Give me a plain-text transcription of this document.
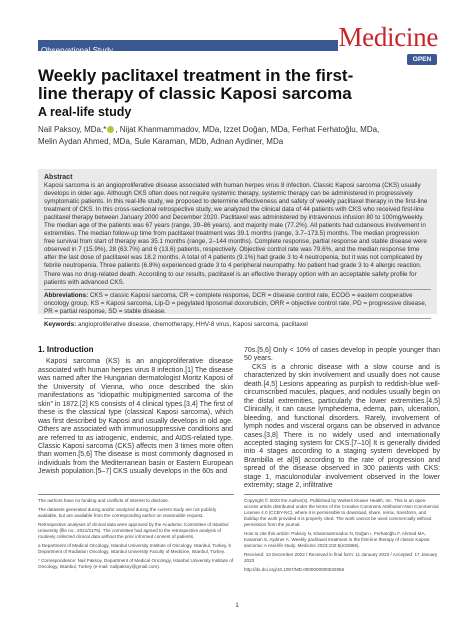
Observational Study	Medicine
OPEN
Weekly paclitaxel treatment in the first-line therapy of classic Kaposi sarcoma
A real-life study
Nail Paksoy, MDa,* , Nijat Khanmammadov, MDa, Izzet Doğan, MDa, Ferhat Ferhatoğlu, MDa,
Melin Aydan Ahmed, MDa, Sule Karaman, MDb, Adnan Aydiner, MDa
Abstract

Kaposi sarcoma is an angioproliferative disease associated with human herpes virus 8 infection. Classic Kaposi sarcoma (CKS) usually develops in older age. Although CKS often does not require systemic therapy, systemic therapy can be administered in progressively symptomatic patients. In this real-life study, we proposed to determine effectiveness and safety of weekly paclitaxel therapy in the first-line treatment of CKS. In this cross-sectional retrospective study, we analyzed the clinical data of 44 patients with CKS who received first-line paclitaxel therapy between January 2000 and December 2020. Paclitaxel was administered by intravenous infusion 80 to 100mg/weekly. The median age of the patients was 67 years (range, 39–86 years), and majority male (77.2%). All patients had cutaneous involvement in extremities. The median follow-up time from paclitaxel treatment was 39.1 months (range, 3.7–173.5) months. The median progression free survival from start of therapy was 35.1 months (range, 2–144 months). Complete response, partial response and stable disease were observed in 7 (15.9%), 28 (63.7%) and 6 (13.6) patients, respectively. Objective control rate was 79.6%, and the median response time after the last dose of paclitaxel was 18.2 months. A total of 4 patients (9.1%) had grade 3 to 4 neutropenia, but it was not complicated by febrile neutropenia. Three patients (6.8%) experienced grade 3 to 4 peripheral neuropathy. No patient had grade 3 to 4 allergic reaction. There was no drug-related death. According to our results, paclitaxel is an effective therapy option with an acceptable safety profile for patients with advanced CKS.

Abbreviations: CKS = classic Kaposi sarcoma, CR = complete response, DCR = disease control rate, ECOG = eastern cooperative oncology group, KS = Kaposi sarcoma, Lip-D = pegylated liposomal doxorubicin, ORR = objective control rate, PD = progressive disease, PR = partial response, SD = stable disease.
Keywords: angioproliferative disease, chemotherapy, HHV-8 virus, Kaposi sarcoma, paclitaxel
1. Introduction

Kaposi sarcoma (KS) is an angioproliferative disease associated with human herpes virus 8 infection.[1] The disease was named after the Hungarian dermatologist Moritz Kaposi of the University of Vienna, who once described the skin manifestations as “idiopathic multipigmented sarcoma of the skin” in 1872.[2] KS consists of 4 clinical types.[3,4] The first of these is the classical type (classical Kaposi sarcoma), which was first described by Kaposi and usually develops in old age. Others are associated with immunosuppressive conditions and are referred to as iatrogenic, endemic, and AIDS-related type. Classic Kaposi sarcoma (CKS) affects men 3 times more often than women.[5,6] The disease is most commonly diagnosed in individuals from the Mediterranean basin or Eastern European Jewish population.[5–7] CKS usually develops in the 60s and

70s.[5,6] Only < 10% of cases develop in people younger than 50 years.

CKS is a chronic disease with a slow course and is characterized by skin involvement and usually does not cause death.[4,5] Lesions appearing as purplish to reddish-blue well-circumscribed macules, plaques, and nodules usually begin on the distal extremities, particularly the lower extremities.[4,5] Clinically, it can cause lymphedema, edema, pain, ulceration, bleeding, and functional disorders. Rarely, involvement of lymph nodes and visceral organs can be observed in advance cases.[3,8] There is no widely used and internationally accepted staging system for CKS.[7–10] It is generally divided into 4 stages according to a staging system developed by Brambilla et al[9] according to the rate of progression and spread of the disease observed in 300 patients with CKS: stage 1, maculonodular involvement observed in the lower extremity; stage 2, infiltrative

The authors have no funding and conflicts of interest to disclose.

The datasets generated during and/or analyzed during the current study are not publicly available, but are available from the corresponding author on reasonable request.

Retrospective analyses of clinical data were approved by the Academic Committee of Istanbul University (file no.: 2021/2175). The committee had agreed to the retrospective analysis of routinely collected clinical data without the prior informed consent of patients.

a Department of Medical Oncology, Istanbul University Institute of Oncology, Istanbul, Turkey, b Department of Radiation Oncology, Istanbul University Faculty of Medicine, Istanbul, Turkey.

* Correspondence: Nail Paksoy, Department of Medical Oncology, Istanbul University Institute of Oncology, Istanbul, Turkey (e-mail: nailpaksoy@gmail.com).

Copyright © 2023 the Author(s). Published by Wolters Kluwer Health, Inc. This is an open-access article distributed under the terms of the Creative Commons Attribution-Non Commercial License 4.0 (CCBY-NC), where it is permissible to download, share, remix, transform, and buildup the work provided it is properly cited. The work cannot be used commercially without permission from the journal.

How to cite this article: Paksoy N, Khanmammadov N, Doğan ı, Ferhatoğlu F, Ahmed MA, Karaman S, Aydiner A. Weekly paclitaxel treatment in the first-line therapy of classic Kaposi sarcoma: A real-life study. Medicine 2023;102:5(e32866).

Received: 13 December 2022 / Received in final form: 11 January 2023 / Accepted: 17 January 2023

http://dx.doi.org/10.1097/MD.0000000000032866

1
